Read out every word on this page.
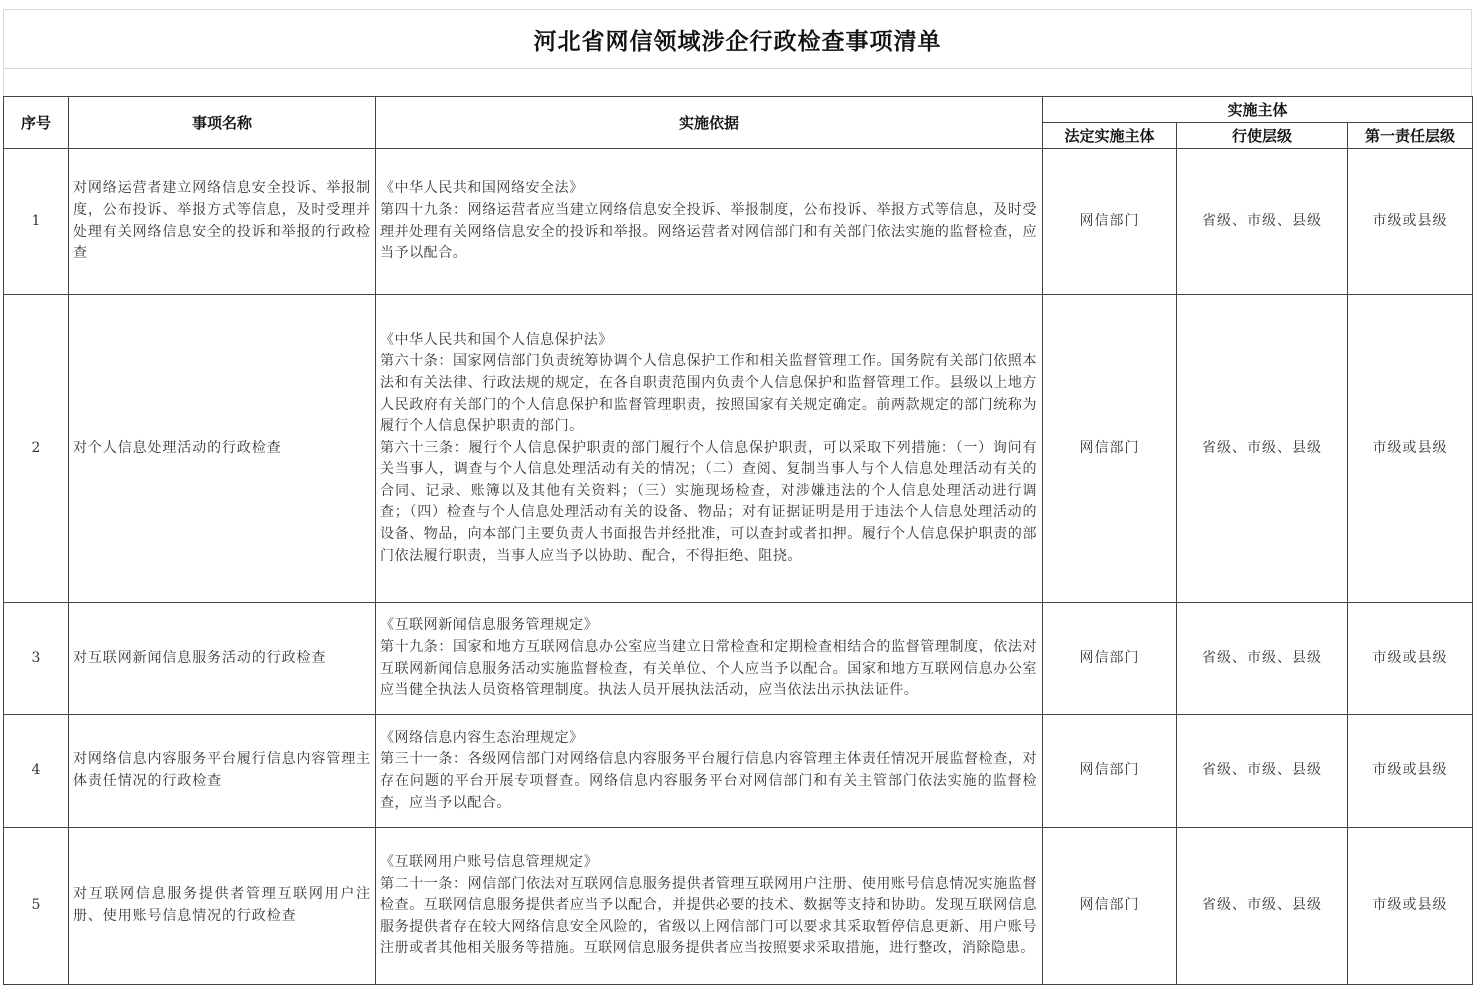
河北省网信领域涉企行政检查事项清单
序号	事项名称	实施依据	实施主体		
			法定实施主体	行使层级	第一责任层级
1	对网络运营者建立网络信息安全投诉、举报制度，公布投诉、举报方式等信息，及时受理并处理有关网络信息安全的投诉和举报的行政检查	《中华人民共和国网络安全法》
第四十九条：网络运营者应当建立网络信息安全投诉、举报制度，公布投诉、举报方式等信息，及时受理并处理有关网络信息安全的投诉和举报。网络运营者对网信部门和有关部门依法实施的监督检查，应当予以配合。	网信部门	省级、市级、县级	市级或县级
2	对个人信息处理活动的行政检查	《中华人民共和国个人信息保护法》
第六十条：国家网信部门负责统筹协调个人信息保护工作和相关监督管理工作。国务院有关部门依照本法和有关法律、行政法规的规定，在各自职责范围内负责个人信息保护和监督管理工作。县级以上地方人民政府有关部门的个人信息保护和监督管理职责，按照国家有关规定确定。前两款规定的部门统称为履行个人信息保护职责的部门。
第六十三条：履行个人信息保护职责的部门履行个人信息保护职责，可以采取下列措施：（一）询问有关当事人，调查与个人信息处理活动有关的情况；（二）查阅、复制当事人与个人信息处理活动有关的合同、记录、账簿以及其他有关资料；（三）实施现场检查，对涉嫌违法的个人信息处理活动进行调查；（四）检查与个人信息处理活动有关的设备、物品；对有证据证明是用于违法个人信息处理活动的设备、物品，向本部门主要负责人书面报告并经批准，可以查封或者扣押。履行个人信息保护职责的部门依法履行职责，当事人应当予以协助、配合，不得拒绝、阻挠。	网信部门	省级、市级、县级	市级或县级
3	对互联网新闻信息服务活动的行政检查	《互联网新闻信息服务管理规定》
第十九条：国家和地方互联网信息办公室应当建立日常检查和定期检查相结合的监督管理制度，依法对互联网新闻信息服务活动实施监督检查，有关单位、个人应当予以配合。国家和地方互联网信息办公室应当健全执法人员资格管理制度。执法人员开展执法活动，应当依法出示执法证件。	网信部门	省级、市级、县级	市级或县级
4	对网络信息内容服务平台履行信息内容管理主体责任情况的行政检查	《网络信息内容生态治理规定》
第三十一条：各级网信部门对网络信息内容服务平台履行信息内容管理主体责任情况开展监督检查，对存在问题的平台开展专项督查。网络信息内容服务平台对网信部门和有关主管部门依法实施的监督检查，应当予以配合。	网信部门	省级、市级、县级	市级或县级
5	对互联网信息服务提供者管理互联网用户注册、使用账号信息情况的行政检查	《互联网用户账号信息管理规定》
第二十一条：网信部门依法对互联网信息服务提供者管理互联网用户注册、使用账号信息情况实施监督检查。互联网信息服务提供者应当予以配合，并提供必要的技术、数据等支持和协助。发现互联网信息服务提供者存在较大网络信息安全风险的，省级以上网信部门可以要求其采取暂停信息更新、用户账号注册或者其他相关服务等措施。互联网信息服务提供者应当按照要求采取措施，进行整改，消除隐患。	网信部门	省级、市级、县级	市级或县级
